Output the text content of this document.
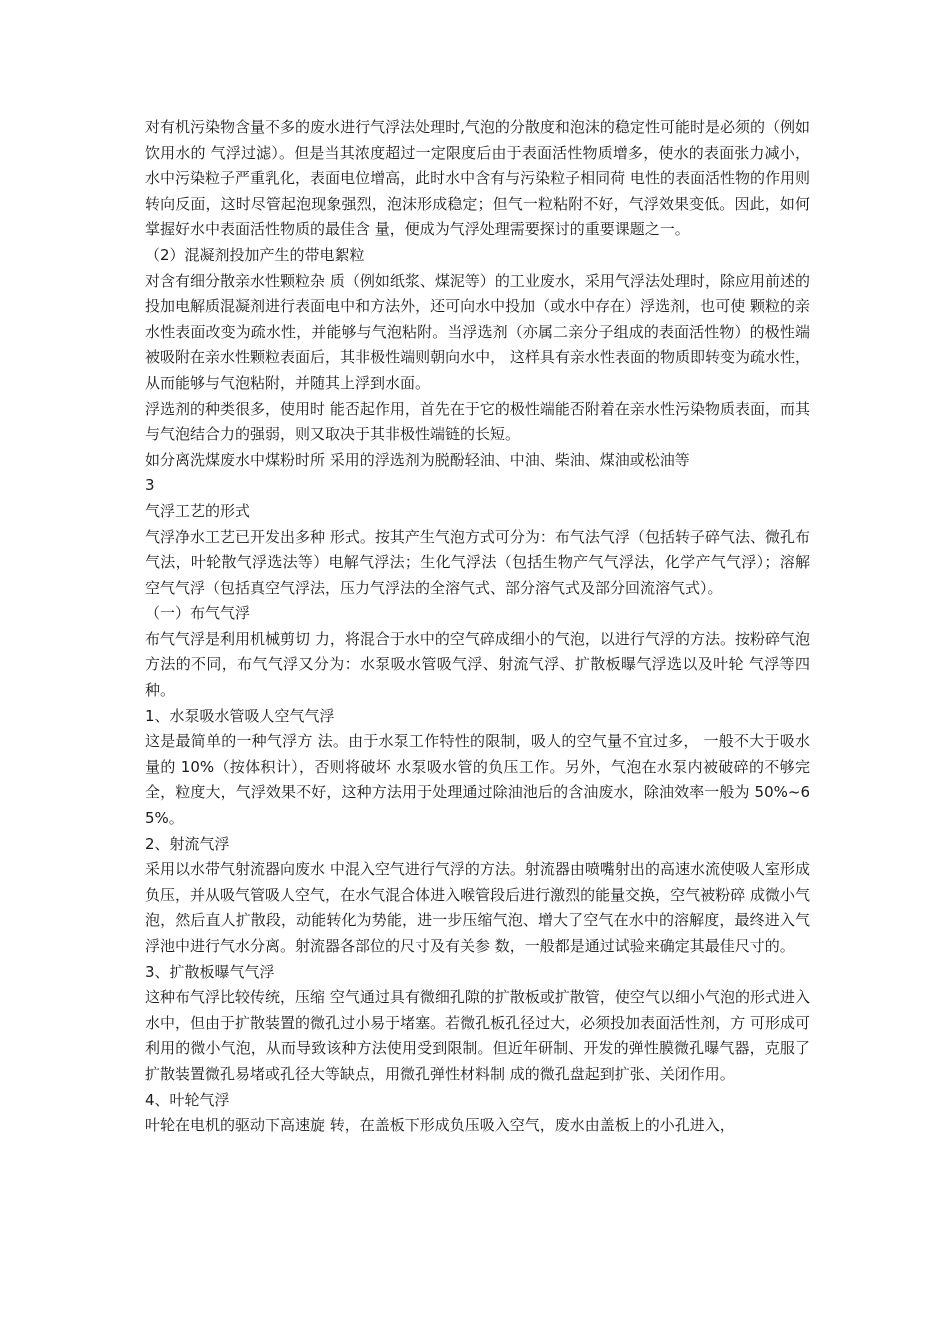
对有机污染物含量不多的废水进行气浮法处理时,气泡的分散度和泡沫的稳定性可能时是必须的（例如饮用水的 气浮过滤）。但是当其浓度超过一定限度后由于表面活性物质增多，使水的表面张力减小，水中污染粒子严重乳化，表面电位增高，此时水中含有与污染粒子相同荷 电性的表面活性物的作用则转向反面，这时尽管起泡现象强烈，泡沫形成稳定；但气一粒粘附不好，气浮效果变低。因此，如何掌握好水中表面活性物质的最佳含 量，便成为气浮处理需要探讨的重要课题之一。

（2）混凝剂投加产生的带电絮粒

对含有细分散亲水性颗粒杂 质（例如纸浆、煤泥等）的工业废水，采用气浮法处理时，除应用前述的投加电解质混凝剂进行表面电中和方法外，还可向水中投加（或水中存在）浮选剂，也可使 颗粒的亲水性表面改变为疏水性，并能够与气泡粘附。当浮选剂（亦属二亲分子组成的表面活性物）的极性端被吸附在亲水性颗粒表面后，其非极性端则朝向水中， 这样具有亲水性表面的物质即转变为疏水性，从而能够与气泡粘附，并随其上浮到水面。

浮选剂的种类很多，使用时 能否起作用，首先在于它的极性端能否附着在亲水性污染物质表面，而其与气泡结合力的强弱，则又取决于其非极性端链的长短。

如分离洗煤废水中煤粉时所 采用的浮选剂为脱酚轻油、中油、柴油、煤油或松油等

3

气浮工艺的形式

气浮净水工艺已开发出多种 形式。按其产生气泡方式可分为：布气法气浮（包括转子碎气法、微孔布气法，叶轮散气浮选法等）电解气浮法；生化气浮法（包括生物产气气浮法，化学产气气浮）；溶解空气气浮（包括真空气浮法，压力气浮法的全溶气式、部分溶气式及部分回流溶气式）。

（一）布气气浮

布气气浮是利用机械剪切 力，将混合于水中的空气碎成细小的气泡，以进行气浮的方法。按粉碎气泡方法的不同，布气气浮又分为：水泵吸水管吸气浮、射流气浮、扩散板曝气浮选以及叶轮 气浮等四种。

1、水泵吸水管吸人空气气浮

这是最简单的一种气浮方 法。由于水泵工作特性的限制，吸人的空气量不宜过多， 一般不大于吸水量的 10%（按体积计），否则将破坏 水泵吸水管的负压工作。另外，气泡在水泵内被破碎的不够完全，粒度大，气浮效果不好，这种方法用于处理通过除油池后的含油废水，除油效率一般为 50%~65%。

2、射流气浮

采用以水带气射流器向废水 中混入空气进行气浮的方法。射流器由喷嘴射出的高速水流使吸人室形成负压，并从吸气管吸人空气，在水气混合体进入喉管段后进行激烈的能量交换，空气被粉碎 成微小气泡，然后直人扩散段，动能转化为势能，进一步压缩气泡、增大了空气在水中的溶解度，最终进入气浮池中进行气水分离。射流器各部位的尺寸及有关参 数，一般都是通过试验来确定其最佳尺寸的。

3、扩散板曝气气浮

这种布气浮比较传统，压缩 空气通过具有微细孔隙的扩散板或扩散管，使空气以细小气泡的形式进入水中，但由于扩散装置的微孔过小易于堵塞。若微孔板孔径过大，必须投加表面活性剂，方 可形成可利用的微小气泡，从而导致该种方法使用受到限制。但近年研制、开发的弹性膜微孔曝气器，克服了扩散装置微孔易堵或孔径大等缺点，用微孔弹性材料制 成的微孔盘起到扩张、关闭作用。

4、叶轮气浮

叶轮在电机的驱动下高速旋 转，在盖板下形成负压吸入空气，废水由盖板上的小孔进入，
